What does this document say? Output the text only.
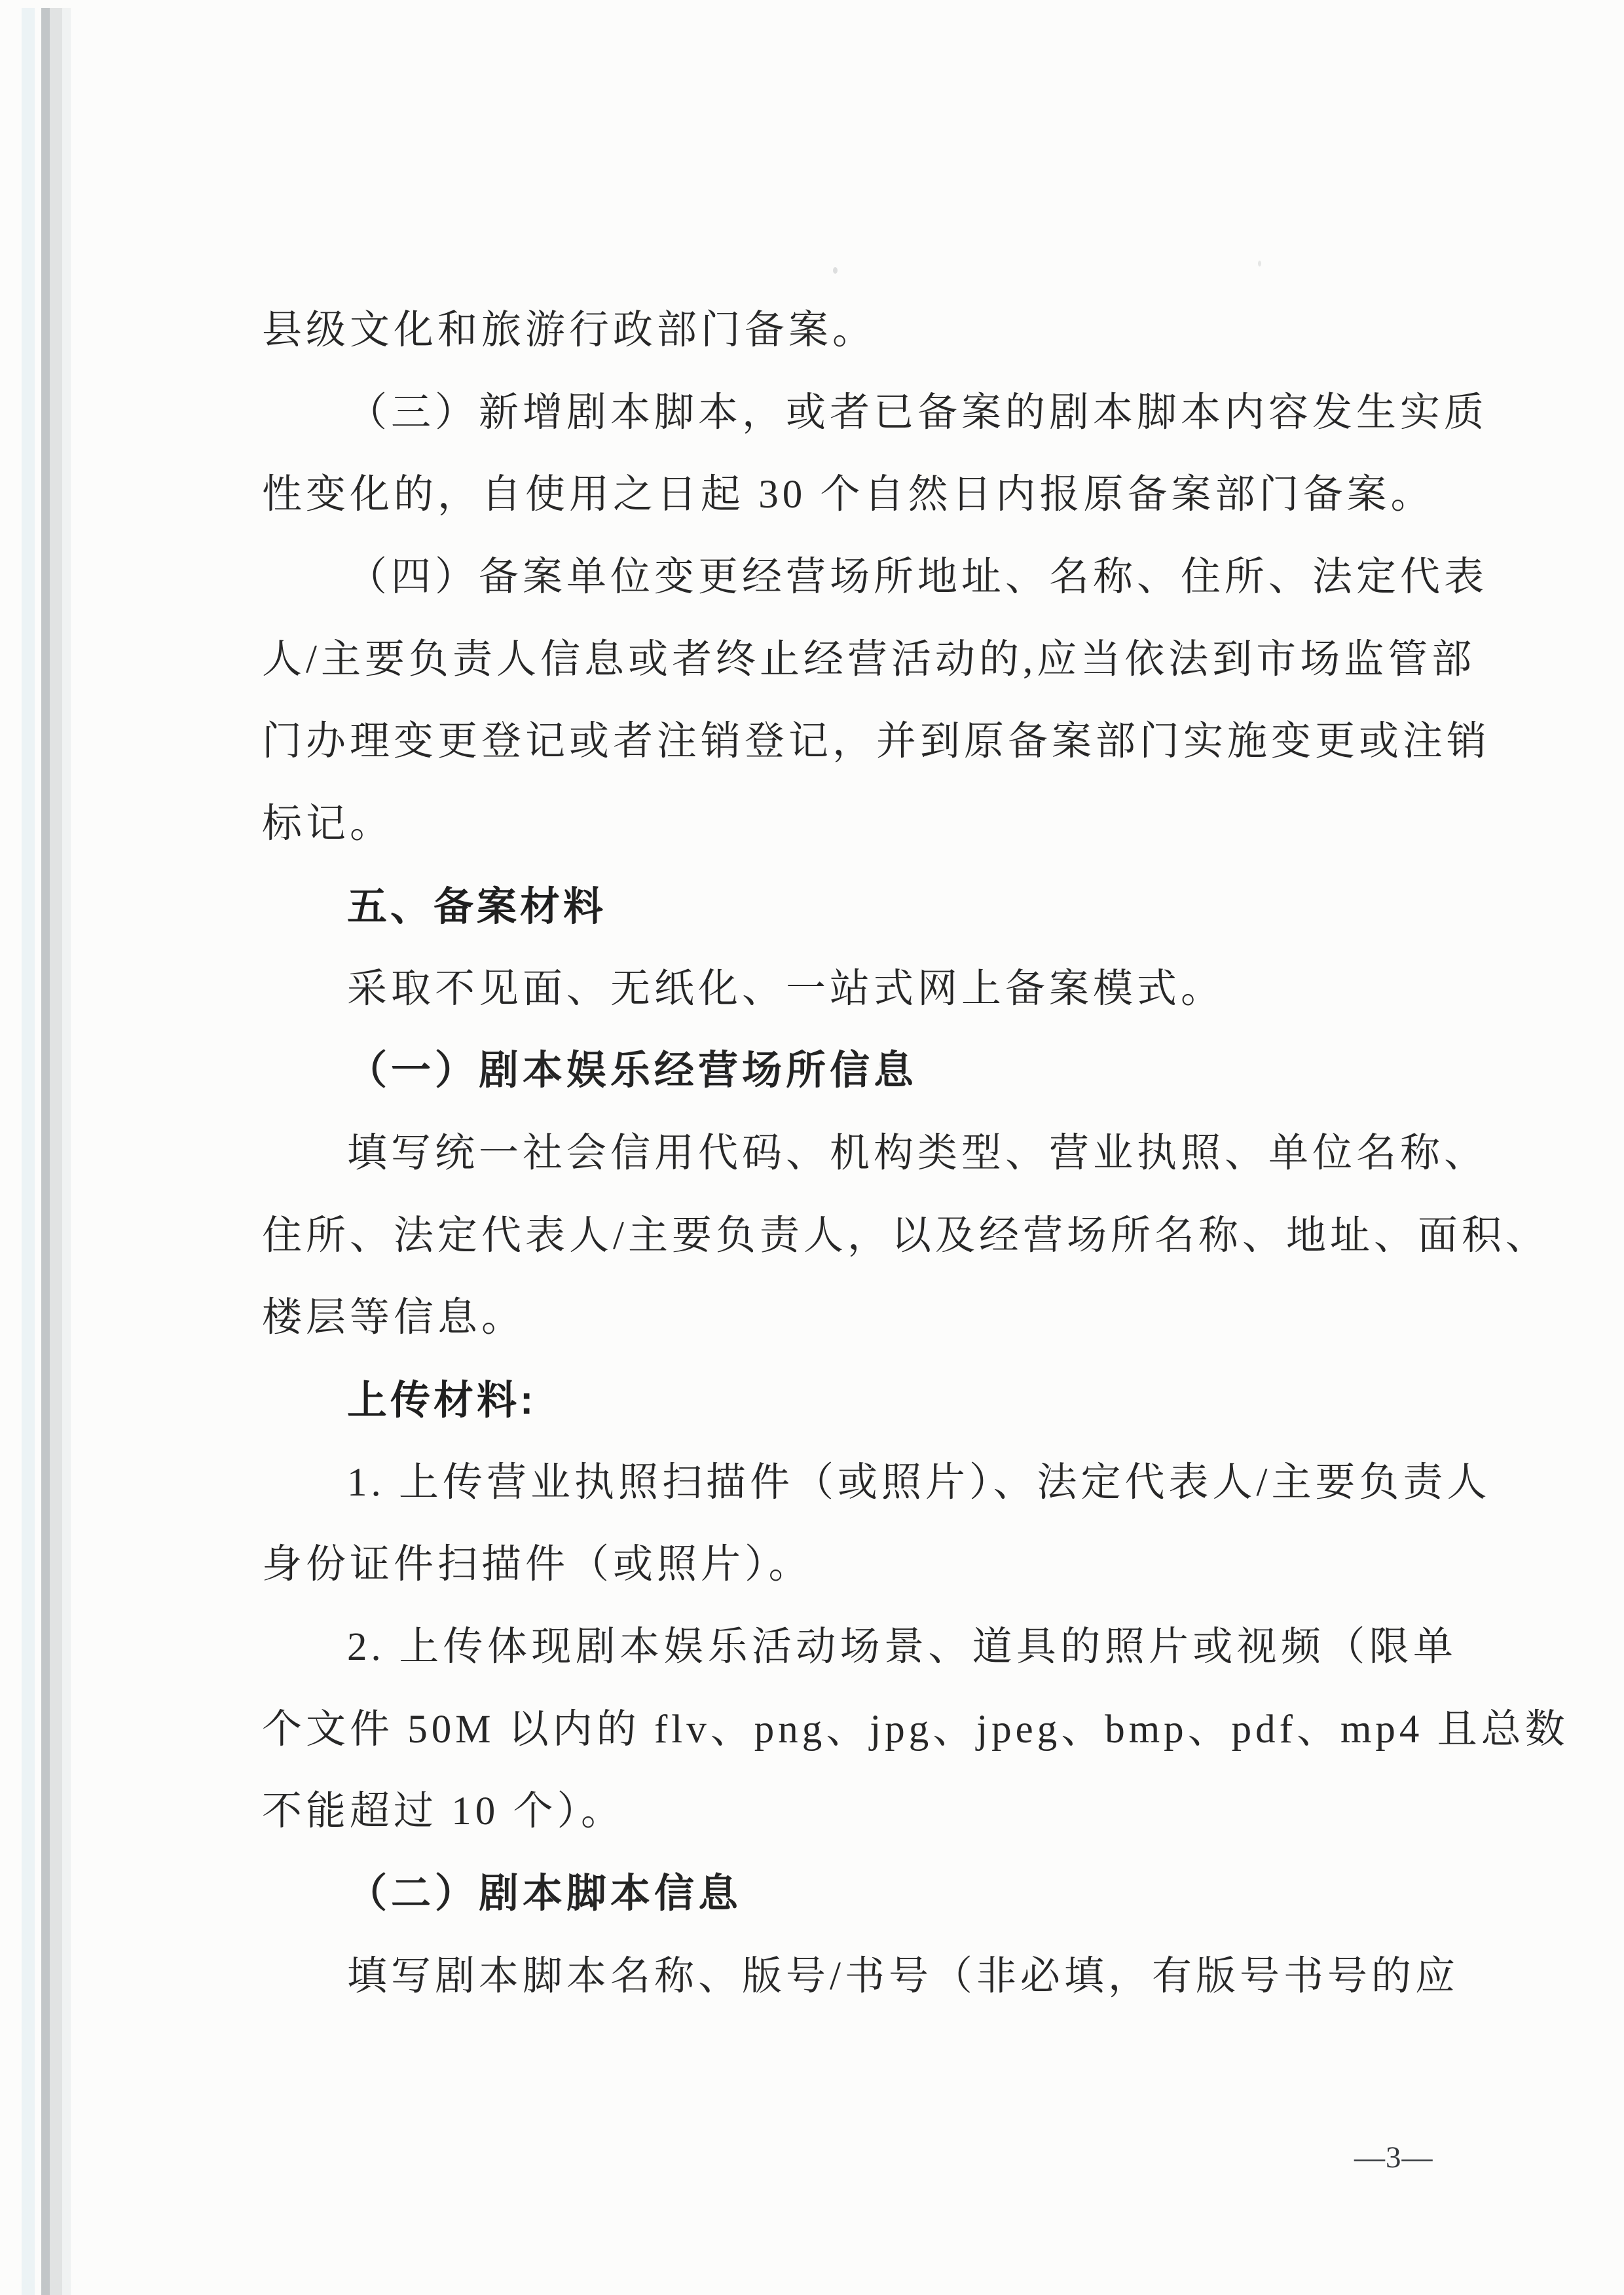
县级文化和旅游行政部门备案。
（三）新增剧本脚本，或者已备案的剧本脚本内容发生实质
性变化的，自使用之日起 30 个自然日内报原备案部门备案。
（四）备案单位变更经营场所地址、名称、住所、法定代表
人/主要负责人信息或者终止经营活动的,应当依法到市场监管部
门办理变更登记或者注销登记，并到原备案部门实施变更或注销
标记。
五、备案材料
采取不见面、无纸化、一站式网上备案模式。
（一）剧本娱乐经营场所信息
填写统一社会信用代码、机构类型、营业执照、单位名称、
住所、法定代表人/主要负责人，以及经营场所名称、地址、面积、
楼层等信息。
上传材料:
1. 上传营业执照扫描件（或照片）、法定代表人/主要负责人
身份证件扫描件（或照片）。
2. 上传体现剧本娱乐活动场景、道具的照片或视频（限单
个文件 50M 以内的 flv、png、jpg、jpeg、bmp、pdf、mp4 且总数
不能超过 10 个）。
（二）剧本脚本信息
填写剧本脚本名称、版号/书号（非必填，有版号书号的应
—3—
